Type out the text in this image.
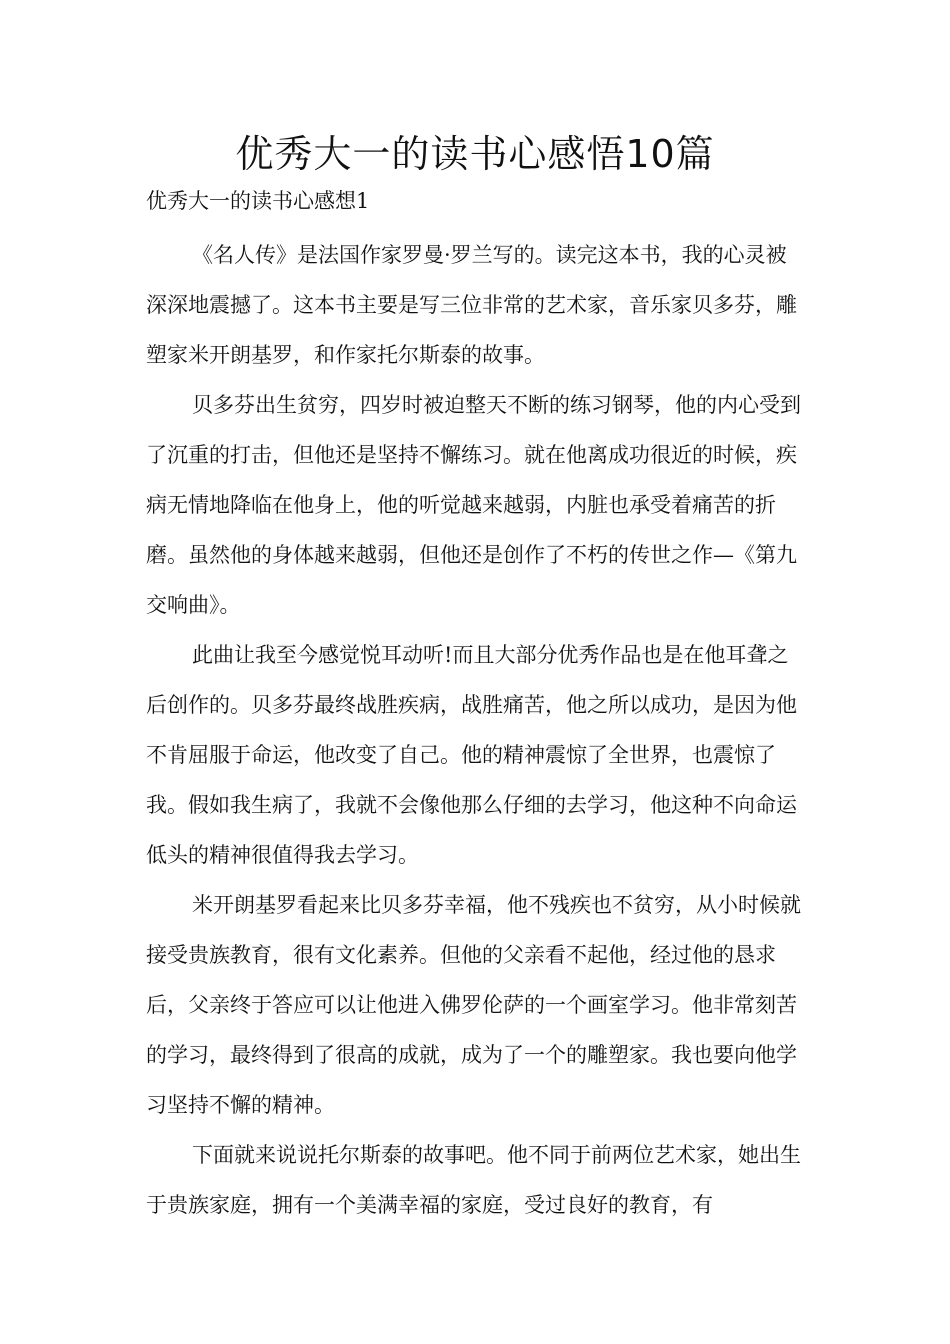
优秀大一的读书心感悟10篇

优秀大一的读书心感想1

《名人传》是法国作家罗曼·罗兰写的。读完这本书，我的心灵被深深地震撼了。这本书主要是写三位非常的艺术家，音乐家贝多芬，雕塑家米开朗基罗，和作家托尔斯泰的故事。

贝多芬出生贫穷，四岁时被迫整天不断的练习钢琴，他的内心受到了沉重的打击，但他还是坚持不懈练习。就在他离成功很近的时候，疾病无情地降临在他身上，他的听觉越来越弱，内脏也承受着痛苦的折磨。虽然他的身体越来越弱，但他还是创作了不朽的传世之作—《第九交响曲》。

此曲让我至今感觉悦耳动听!而且大部分优秀作品也是在他耳聋之后创作的。贝多芬最终战胜疾病，战胜痛苦，他之所以成功，是因为他不肯屈服于命运，他改变了自己。他的精神震惊了全世界，也震惊了我。假如我生病了，我就不会像他那么仔细的去学习，他这种不向命运低头的精神很值得我去学习。

米开朗基罗看起来比贝多芬幸福，他不残疾也不贫穷，从小时候就接受贵族教育，很有文化素养。但他的父亲看不起他，经过他的恳求后，父亲终于答应可以让他进入佛罗伦萨的一个画室学习。他非常刻苦的学习，最终得到了很高的成就，成为了一个的雕塑家。我也要向他学习坚持不懈的精神。

下面就来说说托尔斯泰的故事吧。他不同于前两位艺术家，她出生于贵族家庭，拥有一个美满幸福的家庭，受过良好的教育，有
